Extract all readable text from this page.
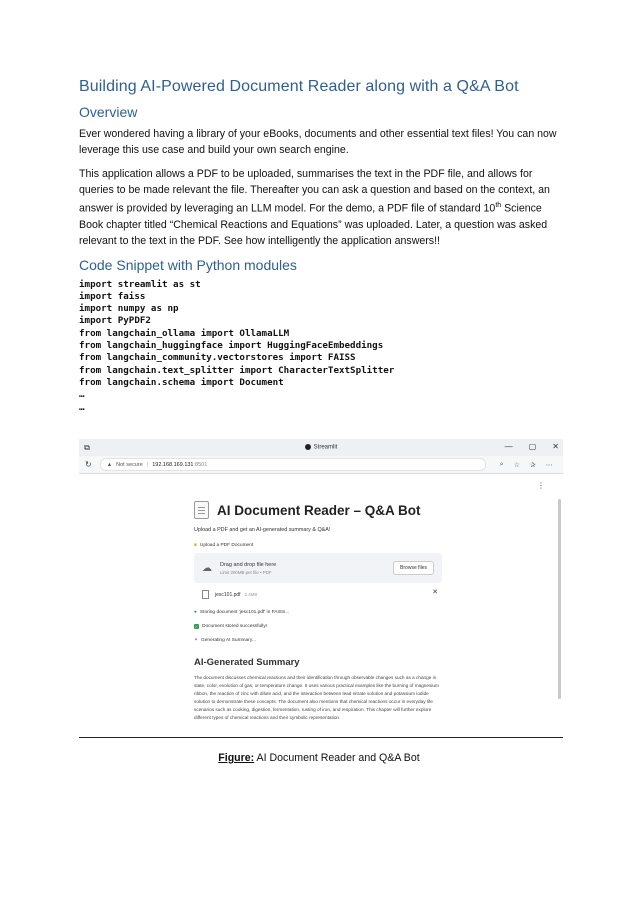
Building AI-Powered Document Reader along with a Q&A Bot
Overview

Ever wondered having a library of your eBooks, documents and other essential text files! You can now leverage this use case and build your own search engine.

This application allows a PDF to be uploaded, summarises the text in the PDF file, and allows for queries to be made relevant the file. Thereafter you can ask a question and based on the context, an answer is provided by leveraging an LLM model. For the demo, a PDF file of standard 10th Science Book chapter titled “Chemical Reactions and Equations” was uploaded. Later, a question was asked relevant to the text in the PDF. See how intelligently the application answers!!

Code Snippet with Python modules
import streamlit as st
import faiss
import numpy as np
import PyPDF2
from langchain_ollama import OllamaLLM
from langchain_huggingface import HuggingFaceEmbeddings
from langchain_community.vectorstores import FAISS
from langchain.text_splitter import CharacterTextSplitter
from langchain.schema import Document
…
…
⧉	Streamlit	— ▢ ✕
↻	▲ Not secure | 192.168.169.131 :8501	⌕ ☆ ✰ ⋯
⋮
AI Document Reader – Q&A Bot
Upload a PDF and get an AI-generated summary & Q&A!
■ Upload a PDF Document
☁ Drag and drop file here
Limit 200MB per file • PDF
Browse files
jesc101.pdf 2.4MB	✕
● Storing document 'jesc101.pdf' in FAISS...
✓ Document stored successfully!
✦ Generating AI Summary...
AI-Generated Summary
The document discusses chemical reactions and their identification through observable changes such as a change in state, color, evolution of gas, or temperature change. It uses various practical examples like the burning of magnesium ribbon, the reaction of zinc with dilute acid, and the interaction between lead nitrate solution and potassium iodide solution to demonstrate these concepts. The document also mentions that chemical reactions occur in everyday life scenarios such as cooking, digestion, fermentation, rusting of iron, and respiration. This chapter will further explore different types of chemical reactions and their symbolic representation.
Figure: AI Document Reader and Q&A Bot
